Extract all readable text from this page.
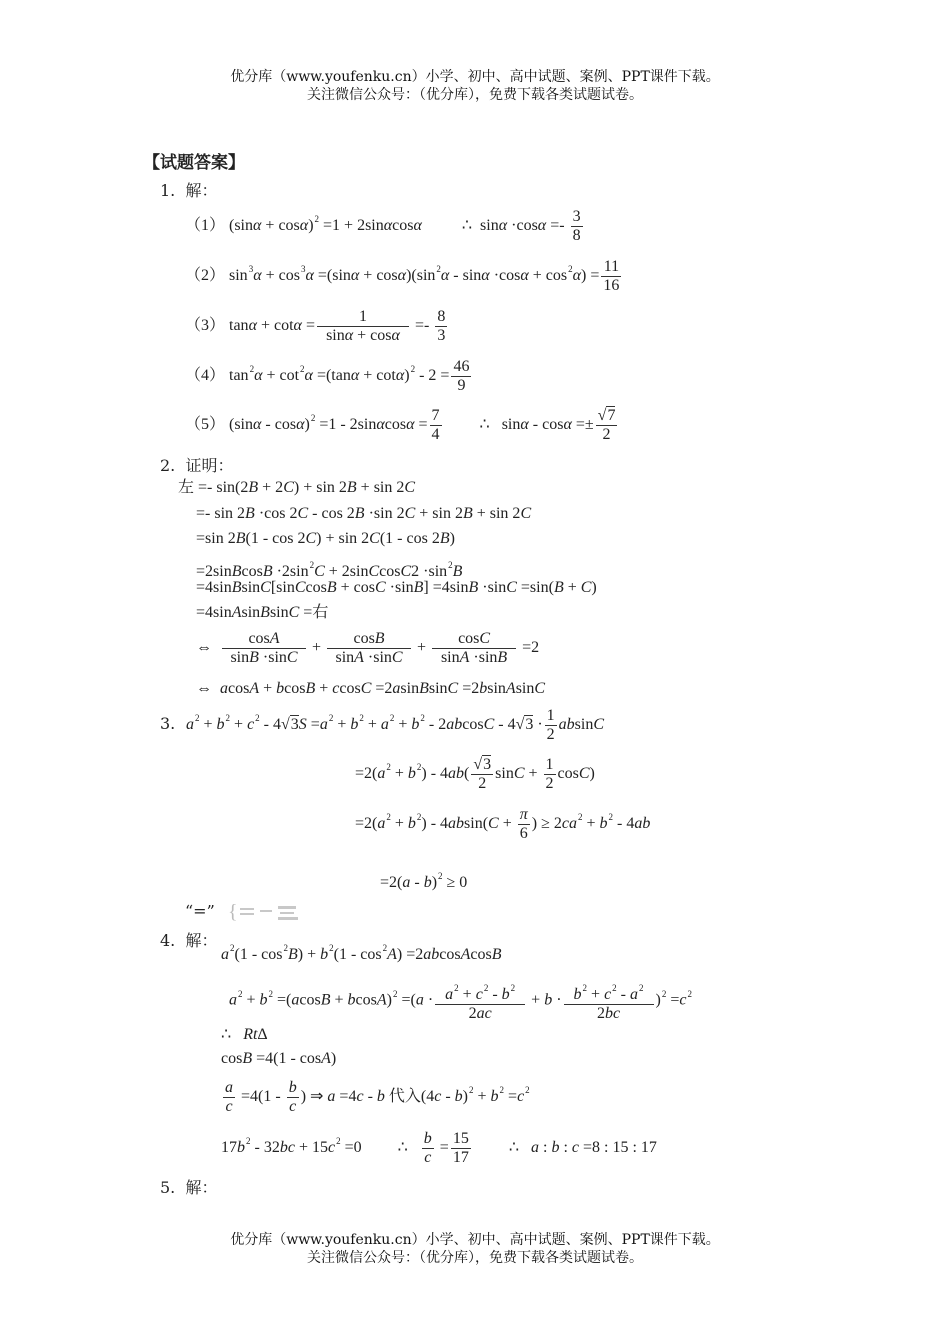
优分库（www.youfenku.cn）小学、初中、高中试题、案例、PPT课件下载。
关注微信公众号：（优分库），免费下载各类试题试卷。
【试题答案】
1. 解：
（1） $(\sin\alpha + \cos\alpha)^2 =1 + 2\sin\alpha\cos\alpha$          ∴  $\sin\alpha \cdot\cos\alpha =- \frac{3}{8}$
（2） $\sin^3\alpha + \cos^3\alpha =(\sin\alpha + \cos\alpha)(\sin^2\alpha - \sin\alpha \cdot\cos\alpha + \cos^2\alpha) = \frac{11}{16}$
（3） $\tan\alpha + \cot\alpha = \frac{1}{\sin\alpha + \cos\alpha} =- \frac{8}{3}$
（4） $\tan^2\alpha + \cot^2\alpha =(\tan\alpha + \cot\alpha)^2 - 2 = \frac{46}{9}$
（5） $(\sin\alpha - \cos\alpha)^2 =1 - 2\sin\alpha\cos\alpha = \frac{7}{4}$ ∴   $\sin\alpha - \cos\alpha =\pm \frac{√7}{2}$
2. 证明：
左 =- sin(2B + 2C) + sin 2B + sin 2C
=- sin 2B ·cos 2C - cos 2B ·sin 2C + sin 2B + sin 2C
=sin 2B(1 - cos 2C) + sin 2C(1 - cos 2B)
=2sinBcosB $\cdot 2\sin^2C$ + 2sinCcosC2 $\cdot\sin^2B$
=4sinBsinC[sinCcosB + cosC ·sinB] =4sinB ·sinC =sin(B + C)
=4sinAsinBsinC =右
⇔ $\frac{\cos A}{\sin B \cdot\sin C} + \frac{\cos B}{\sin A \cdot\sin C} + \frac{\cos C}{\sin A \cdot\sin B} =2$
⇔  acosA + bcosB + ccosC =2asinBsinC =2bsinAsinC
3. $a^2 + b^2 + c^2 - 4√3S =a^2 + b^2 + a^2 + b^2 - 2abcosC - 4√3 \cdot \frac{1}{2}$ absinC
$=2(a^2 + b^2) - 4ab( \frac{√3}{2}$ $\sin C + \frac{1}{2} \cos C$)
$=2(a^2 + b^2) - 4absin(C + \frac{\pi}{6}$ ) ≥ $2ca^2 + b^2 - 4ab$
=2(a - b)$^2$ ≥ 0
“=” {
4. 解：
$a^2(1 - \cos^2B) + b^2(1 - \cos^2A)$ =2abcosAcosB
$a^2 + b^2 =(acosB + bcosA)^2 =(a \cdot \frac{a^2 + c^2 - b^2}{2ac} + b \cdot \frac{b^2 + c^2 - a^2}{2bc} )^2 =c^2$
∴   RtΔ
cosB =4(1 - cosA)
$\frac{a}{c} =4(1 - \frac{b}{c}$ ) ⇒ a =4c - b 代入$(4c - b)^2 + b^2 =c^2$
$17b^2 - 32bc + 15c^2 =0$         ∴ $\frac{b}{c} = \frac{15}{17}$ ∴   a : b : c =8 : 15 : 17
5. 解：
优分库（www.youfenku.cn）小学、初中、高中试题、案例、PPT课件下载。
关注微信公众号：（优分库），免费下载各类试题试卷。
